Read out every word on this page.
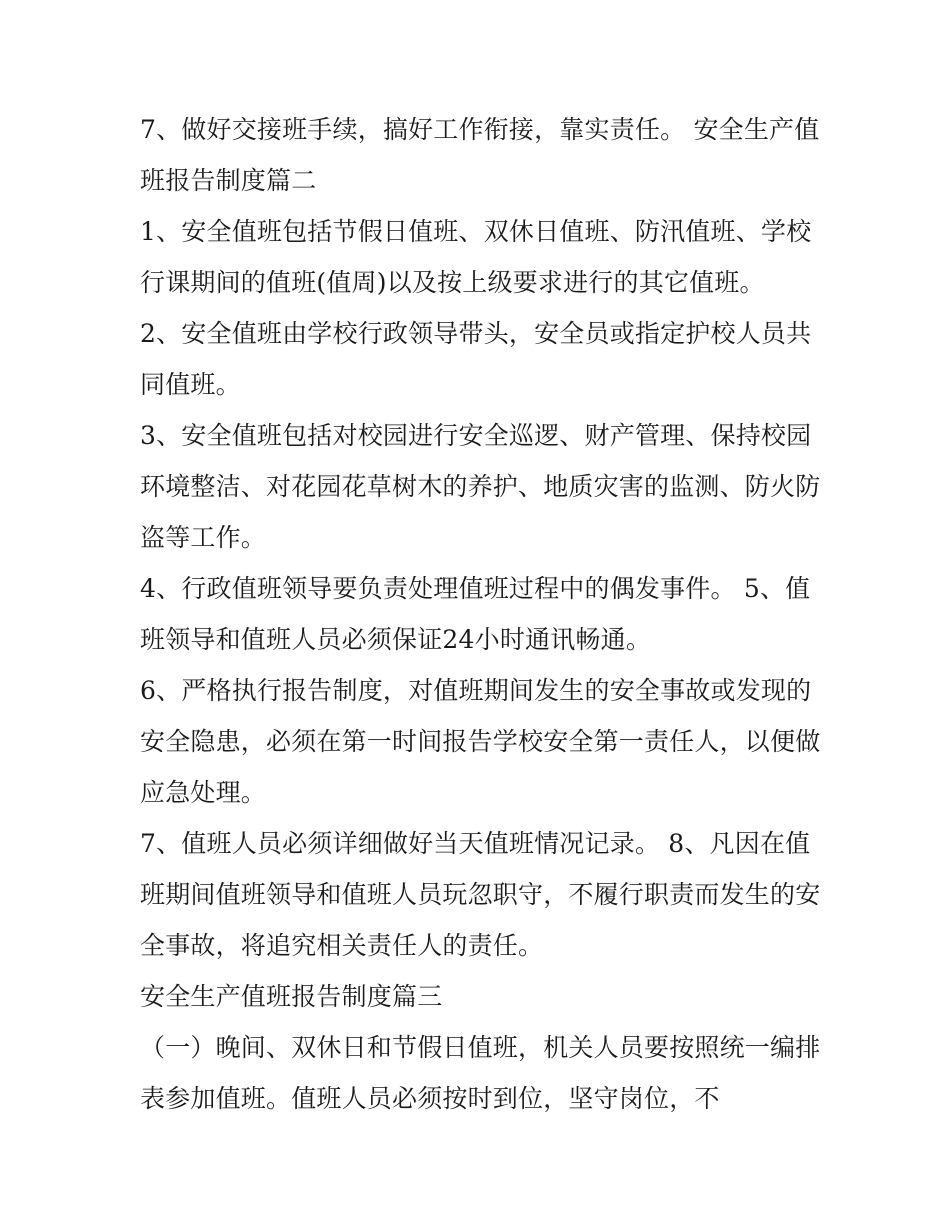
7、做好交接班手续，搞好工作衔接，靠实责任。 安全生产值
班报告制度篇二
1、安全值班包括节假日值班、双休日值班、防汛值班、学校
行课期间的值班(值周)以及按上级要求进行的其它值班。
2、安全值班由学校行政领导带头，安全员或指定护校人员共
同值班。
3、安全值班包括对校园进行安全巡逻、财产管理、保持校园
环境整洁、对花园花草树木的养护、地质灾害的监测、防火防
盗等工作。
4、行政值班领导要负责处理值班过程中的偶发事件。 5、值
班领导和值班人员必须保证24小时通讯畅通。
6、严格执行报告制度，对值班期间发生的安全事故或发现的
安全隐患，必须在第一时间报告学校安全第一责任人，以便做
应急处理。
7、值班人员必须详细做好当天值班情况记录。 8、凡因在值
班期间值班领导和值班人员玩忽职守，不履行职责而发生的安
全事故，将追究相关责任人的责任。
安全生产值班报告制度篇三
（一）晚间、双休日和节假日值班，机关人员要按照统一编排
表参加值班。值班人员必须按时到位，坚守岗位，不
